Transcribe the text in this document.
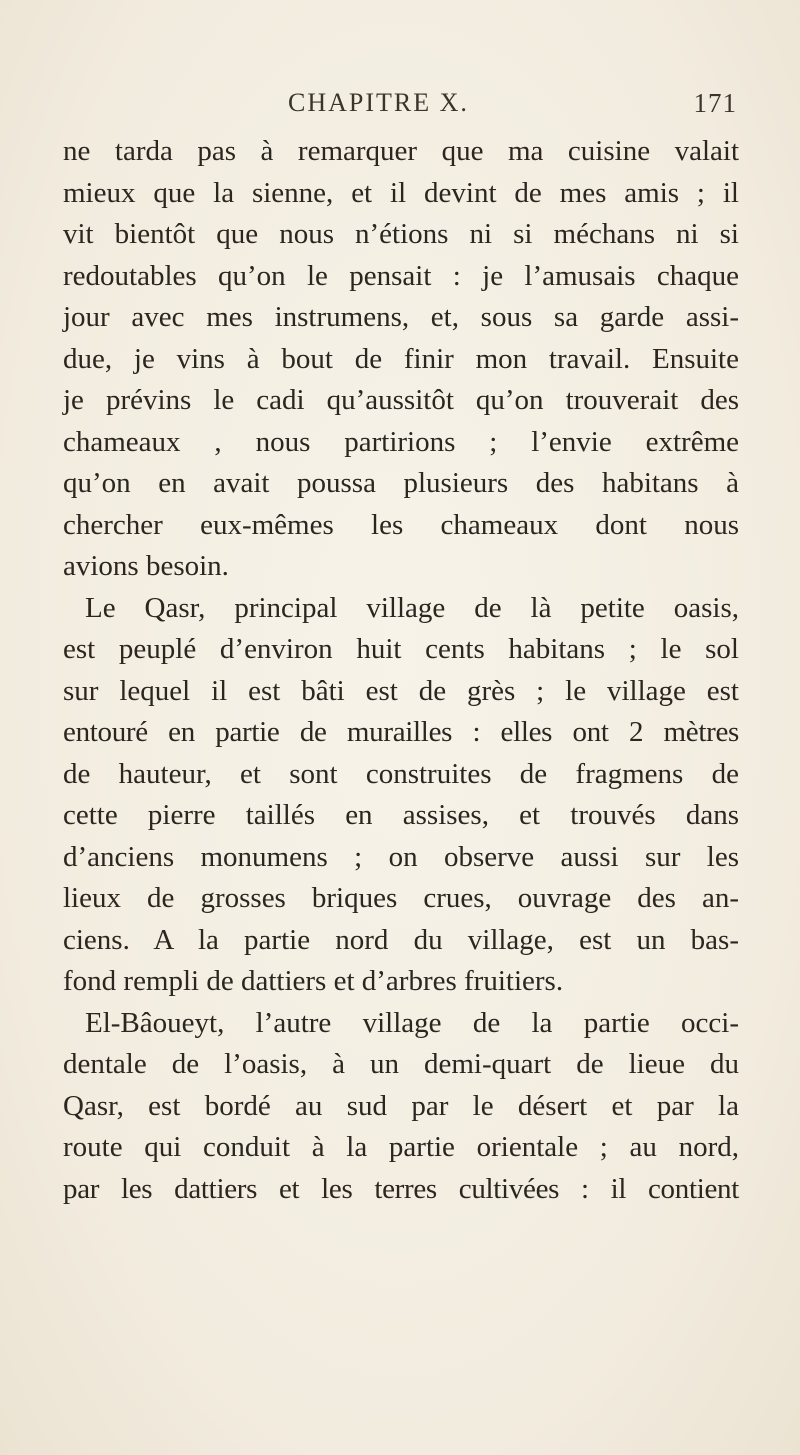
CHAPITRE X.	171
ne tarda pas à remarquer que ma cuisine valait
mieux que la sienne, et il devint de mes amis ; il
vit bientôt que nous n’étions ni si méchans ni si
redoutables qu’on le pensait : je l’amusais chaque
jour avec mes instrumens, et, sous sa garde assi-
due, je vins à bout de finir mon travail. Ensuite
je prévins le cadi qu’aussitôt qu’on trouverait des
chameaux , nous partirions ; l’envie extrême
qu’on en avait poussa plusieurs des habitans à
chercher eux-mêmes les chameaux dont nous
avions besoin.
Le Qasr, principal village de là petite oasis,
est peuplé d’environ huit cents habitans ; le sol
sur lequel il est bâti est de grès ; le village est
entouré en partie de murailles : elles ont 2 mètres
de hauteur, et sont construites de fragmens de
cette pierre taillés en assises, et trouvés dans
d’anciens monumens ; on observe aussi sur les
lieux de grosses briques crues, ouvrage des an-
ciens. A la partie nord du village, est un bas-
fond rempli de dattiers et d’arbres fruitiers.
El-Bâoueyt, l’autre village de la partie occi-
dentale de l’oasis, à un demi-quart de lieue du
Qasr, est bordé au sud par le désert et par la
route qui conduit à la partie orientale ; au nord,
par les dattiers et les terres cultivées : il contient
